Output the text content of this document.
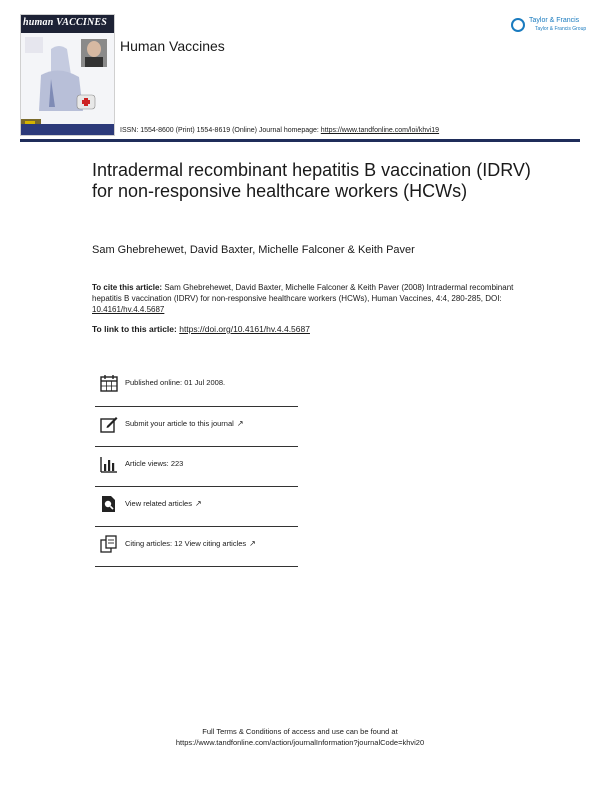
human VACCINES
Human Vaccines
Taylor & Francis
Taylor & Francis Group
ISSN: 1554-8600 (Print) 1554-8619 (Online) Journal homepage: https://www.tandfonline.com/loi/khvi19
Intradermal recombinant hepatitis B vaccination (IDRV) for non-responsive healthcare workers (HCWs)
Sam Ghebrehewet, David Baxter, Michelle Falconer & Keith Paver
To cite this article: Sam Ghebrehewet, David Baxter, Michelle Falconer & Keith Paver (2008) Intradermal recombinant hepatitis B vaccination (IDRV) for non-responsive healthcare workers (HCWs), Human Vaccines, 4:4, 280-285, DOI: 10.4161/hv.4.4.5687
To link to this article: https://doi.org/10.4161/hv.4.4.5687
Published online: 01 Jul 2008.
Submit your article to this journal ↗
Article views: 223
View related articles ↗
Citing articles: 12 View citing articles ↗
Full Terms & Conditions of access and use can be found at
https://www.tandfonline.com/action/journalInformation?journalCode=khvi20
